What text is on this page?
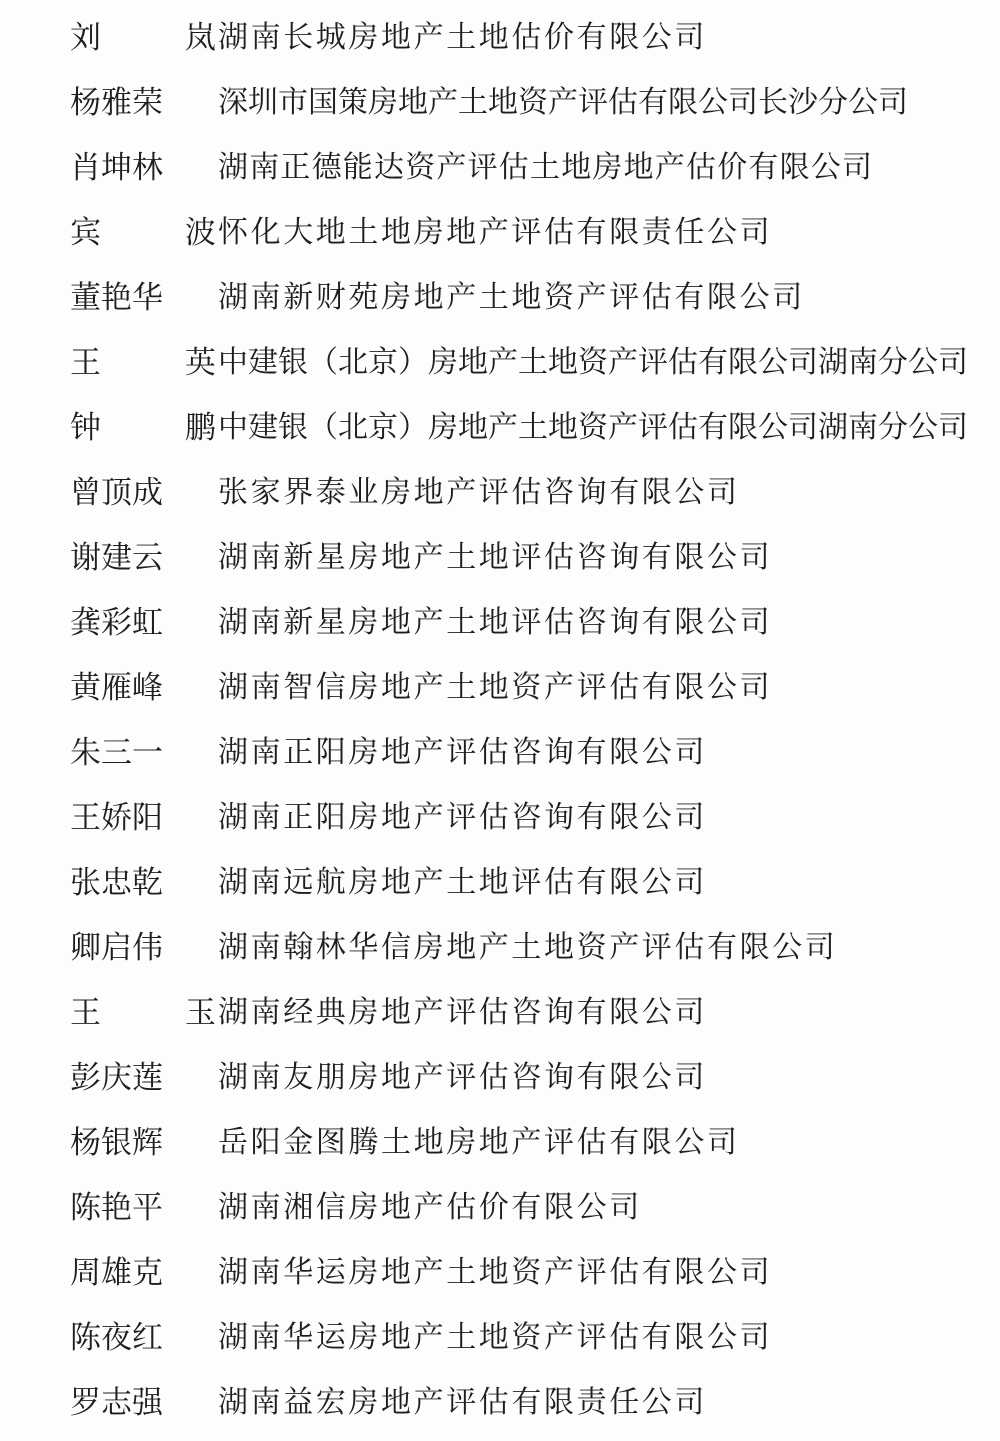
刘 岚
湖南长城房地产土地估价有限公司
杨雅荣 深圳市国策房地产土地资产评估有限公司长沙分公司
肖坤林 湖南正德能达资产评估土地房地产估价有限公司
宾 波
怀化大地土地房地产评估有限责任公司
董艳华 湖南新财苑房地产土地资产评估有限公司
王 英
中建银（北京）房地产土地资产评估有限公司湖南分公司
钟 鹏
中建银（北京）房地产土地资产评估有限公司湖南分公司
曾顶成 张家界泰业房地产评估咨询有限公司
谢建云 湖南新星房地产土地评估咨询有限公司
龚彩虹 湖南新星房地产土地评估咨询有限公司
黄雁峰 湖南智信房地产土地资产评估有限公司
朱三一 湖南正阳房地产评估咨询有限公司
王娇阳 湖南正阳房地产评估咨询有限公司
张忠乾 湖南远航房地产土地评估有限公司
卿启伟 湖南翰林华信房地产土地资产评估有限公司
王 玉
湖南经典房地产评估咨询有限公司
彭庆莲 湖南友朋房地产评估咨询有限公司
杨银辉 岳阳金图腾土地房地产评估有限公司
陈艳平 湖南湘信房地产估价有限公司
周雄克 湖南华运房地产土地资产评估有限公司
陈夜红 湖南华运房地产土地资产评估有限公司
罗志强 湖南益宏房地产评估有限责任公司
